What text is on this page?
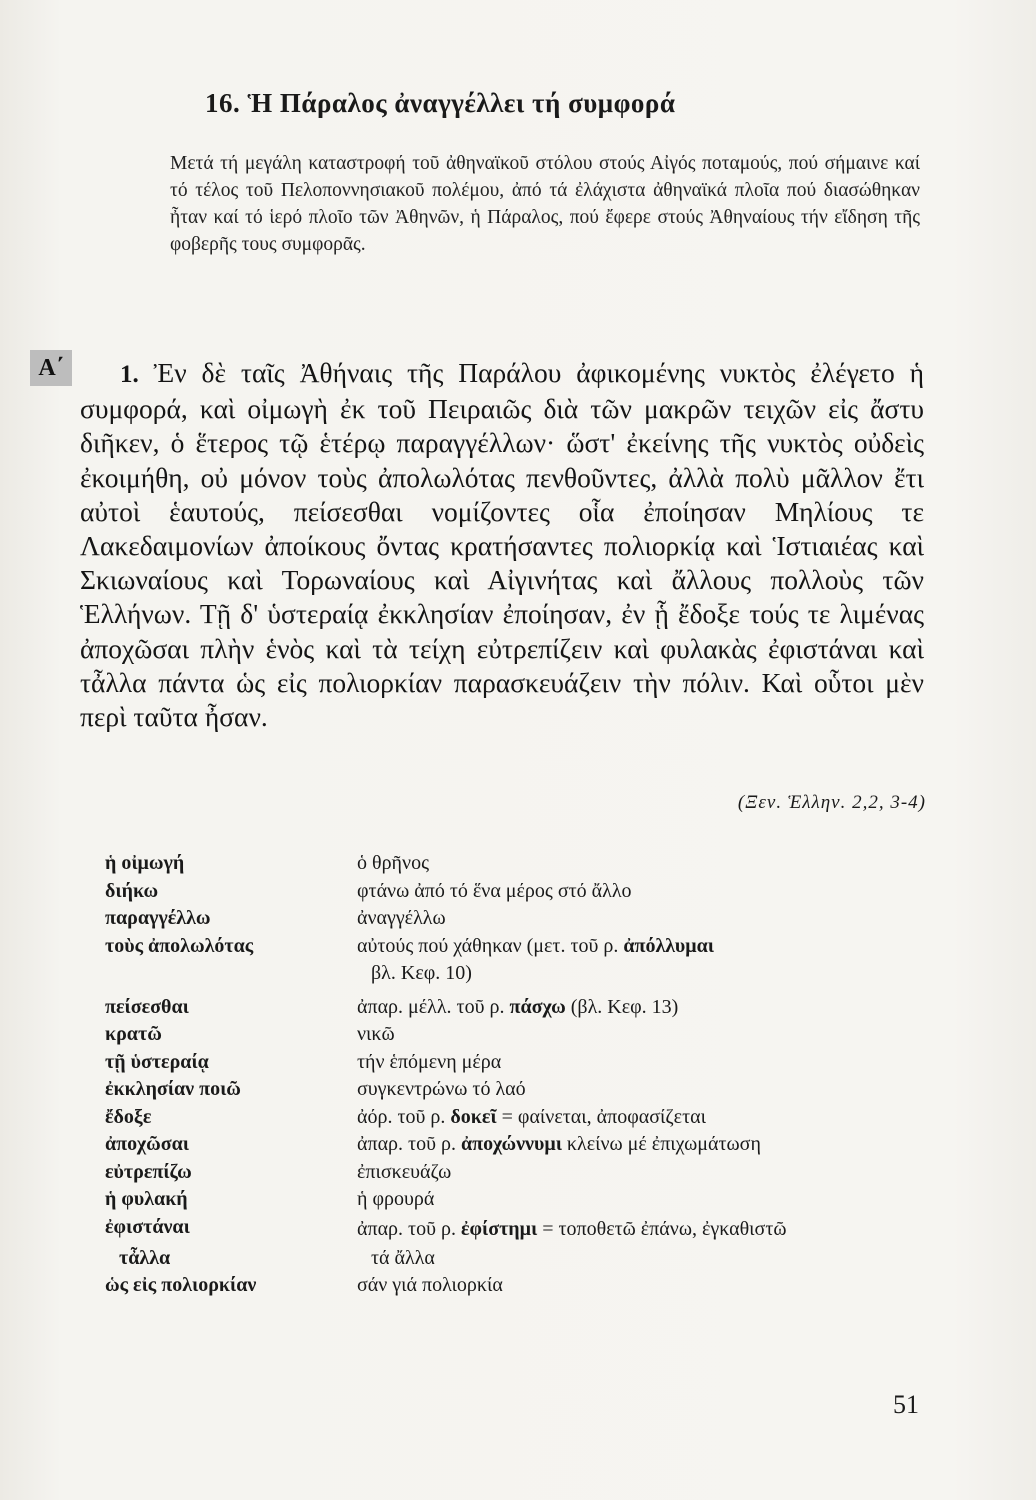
16. Ἡ Πάραλος ἀναγγέλλει τή συμφορά
Μετά τή μεγάλη καταστροφή τοῦ ἀθηναϊκοῦ στόλου στούς Αἰγός ποταμούς, πού σήμαινε καί τό τέλος τοῦ Πελοποννησιακοῦ πολέμου, ἀπό τά ἐλάχιστα ἀθηναϊκά πλοῖα πού διασώθηκαν ἦταν καί τό ἱερό πλοῖο τῶν Ἀθηνῶν, ἡ Πάραλος, πού ἔφερε στούς Ἀθηναίους τήν εἴδηση τῆς φοβερῆς τους συμφορᾶς.
Α΄	1. Ἐν δὲ ταῖς Ἀθήναις τῆς Παράλου ἀφικομένης νυκτὸς ἐλέγετο ἡ συμφορά, καὶ οἰμωγὴ ἐκ τοῦ Πειραιῶς διὰ τῶν μακρῶν τειχῶν εἰς ἄστυ διῆκεν, ὁ ἕτερος τῷ ἑτέρῳ παραγγέλλων· ὥστ' ἐκείνης τῆς νυκτὸς οὐδεὶς ἐκοιμήθη, οὐ μόνον τοὺς ἀπολωλότας πενθοῦντες, ἀλλὰ πολὺ μᾶλλον ἔτι αὐτοὶ ἑαυτούς, πείσεσθαι νομίζοντες οἷα ἐποίησαν Μηλίους τε Λακεδαιμονίων ἀποίκους ὄντας κρατήσαντες πολιορκίᾳ καὶ Ἱστιαιέας καὶ Σκιωναίους καὶ Τορωναίους καὶ Αἰγινήτας καὶ ἄλλους πολλοὺς τῶν Ἑλλήνων. Τῇ δ' ὑστεραίᾳ ἐκκλησίαν ἐποίησαν, ἐν ᾗ ἔδοξε τούς τε λιμένας ἀποχῶσαι πλὴν ἑνὸς καὶ τὰ τείχη εὐτρεπίζειν καὶ φυλακὰς ἐφιστάναι καὶ τἆλλα πάντα ὡς εἰς πολιορκίαν παρασκευάζειν τὴν πόλιν. Καὶ οὗτοι μὲν περὶ ταῦτα ἦσαν.
(Ξεν. Ἑλλην. 2,2, 3-4)
ἡ οἰμωγή	ὁ θρῆνος
διήκω	φτάνω ἀπό τό ἕνα μέρος στό ἄλλο
παραγγέλλω	ἀναγγέλλω
τοὺς ἀπολωλότας	αὐτούς πού χάθηκαν (μετ. τοῦ ρ. ἀπόλλυμαι
βλ. Κεφ. 10)
πείσεσθαι	ἀπαρ. μέλλ. τοῦ ρ. πάσχω (βλ. Κεφ. 13)
κρατῶ	νικῶ
τῇ ὑστεραίᾳ	τήν ἑπόμενη μέρα
ἐκκλησίαν ποιῶ	συγκεντρώνω τό λαό
ἔδοξε	ἀόρ. τοῦ ρ. δοκεῖ = φαίνεται, ἀποφασίζεται
ἀποχῶσαι	ἀπαρ. τοῦ ρ. ἀποχώννυμι κλείνω μέ ἐπιχωμάτωση
εὐτρεπίζω	ἐπισκευάζω
ἡ φυλακή	ἡ φρουρά
ἐφιστάναι	ἀπαρ. τοῦ ρ. ἐφίστημι = τοποθετῶ ἐπάνω, ἐγκαθιστῶ
τἆλλα	τά ἄλλα
ὡς εἰς πολιορκίαν	σάν γιά πολιορκία
51
